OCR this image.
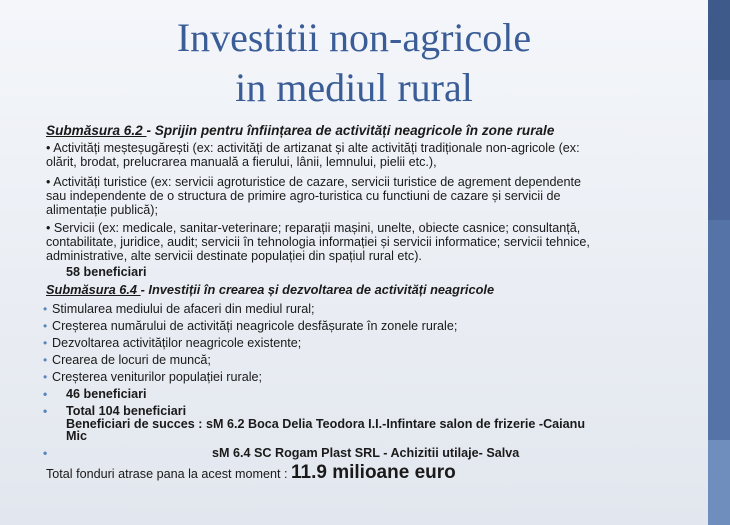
Investitii non-agricole
in mediul rural
Submăsura 6.2 - Sprijin pentru înființarea de activități neagricole în zone rurale
• Activități meșteșugărești (ex: activități de artizanat și alte activități tradiționale non-agricole (ex:
olărit, brodat, prelucrarea manuală a fierului, lânii, lemnului, pielii etc.),
• Activități turistice (ex: servicii agroturistice de cazare, servicii turistice de agrement dependente
sau independente de o structura de primire agro-turistica cu functiuni de cazare și servicii de
alimentație publică);
• Servicii (ex: medicale, sanitar-veterinare; reparații mașini, unelte, obiecte casnice; consultanță,
contabilitate, juridice, audit; servicii în tehnologia informației și servicii informatice; servicii tehnice,
administrative, alte servicii destinate populației din spațiul rural etc).
58 beneficiari
Submăsura 6.4 - Investiții în crearea și dezvoltarea de activități neagricole
• Stimularea mediului de afaceri din mediul rural;
• Creșterea numărului de activități neagricole desfășurate în zonele rurale;
• Dezvoltarea activităților neagricole existente;
• Crearea de locuri de muncă;
• Creșterea veniturilor populației rurale;
• 46 beneficiari
• Total 104 beneficiari
Beneficiari de succes : sM 6.2 Boca Delia Teodora I.I.-Infintare salon de frizerie -Caianu
Mic
•	sM 6.4 SC Rogam Plast SRL - Achizitii utilaje- Salva
Total fonduri atrase pana la acest moment : 11.9 milioane euro
